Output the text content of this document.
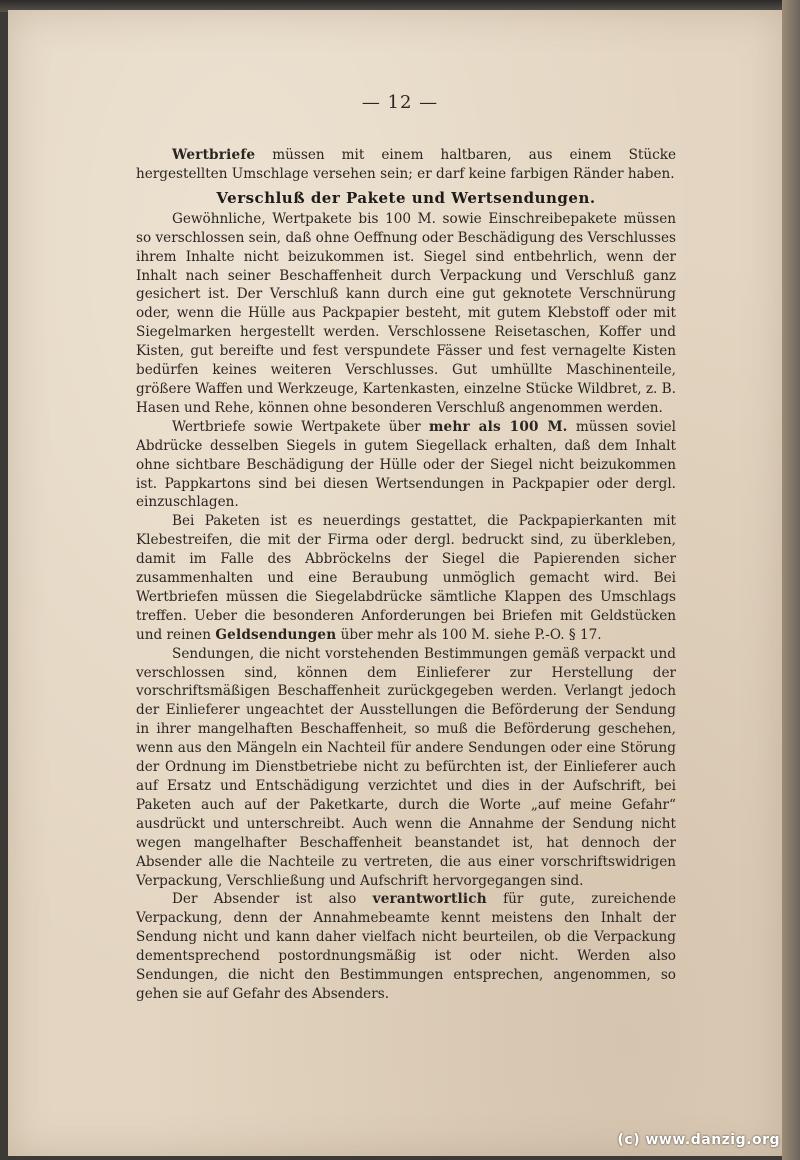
— 12 —

Wertbriefe müssen mit einem haltbaren, aus einem Stücke hergestellten Umschlage versehen sein; er darf keine farbigen Ränder haben.

Verschluß der Pakete und Wertsendungen.

Gewöhnliche, Wertpakete bis 100 M. sowie Einschreibepakete müssen so verschlossen sein, daß ohne Oeffnung oder Beschädigung des Verschlusses ihrem Inhalte nicht beizukommen ist. Siegel sind entbehrlich, wenn der Inhalt nach seiner Beschaffenheit durch Verpackung und Verschluß ganz gesichert ist. Der Verschluß kann durch eine gut geknotete Verschnürung oder, wenn die Hülle aus Packpapier besteht, mit gutem Klebstoff oder mit Siegelmarken hergestellt werden. Verschlossene Reisetaschen, Koffer und Kisten, gut bereifte und fest verspundete Fässer und fest vernagelte Kisten bedürfen keines weiteren Verschlusses. Gut umhüllte Maschinenteile, größere Waffen und Werkzeuge, Kartenkasten, einzelne Stücke Wildbret, z. B. Hasen und Rehe, können ohne besonderen Verschluß angenommen werden.

Wertbriefe sowie Wertpakete über mehr als 100 M. müssen soviel Abdrücke desselben Siegels in gutem Siegellack erhalten, daß dem Inhalt ohne sichtbare Beschädigung der Hülle oder der Siegel nicht beizukommen ist. Pappkartons sind bei diesen Wertsendungen in Packpapier oder dergl. einzuschlagen.

Bei Paketen ist es neuerdings gestattet, die Packpapierkanten mit Klebestreifen, die mit der Firma oder dergl. bedruckt sind, zu überkleben, damit im Falle des Abbröckelns der Siegel die Papierenden sicher zusammenhalten und eine Beraubung unmöglich gemacht wird. Bei Wertbriefen müssen die Siegelabdrücke sämtliche Klappen des Umschlags treffen. Ueber die besonderen Anforderungen bei Briefen mit Geldstücken und reinen Geldsendungen über mehr als 100 M. siehe P.-O. § 17.

Sendungen, die nicht vorstehenden Bestimmungen gemäß verpackt und verschlossen sind, können dem Einlieferer zur Herstellung der vorschriftsmäßigen Beschaffenheit zurückgegeben werden. Verlangt jedoch der Einlieferer ungeachtet der Ausstellungen die Beförderung der Sendung in ihrer mangelhaften Beschaffenheit, so muß die Beförderung geschehen, wenn aus den Mängeln ein Nachteil für andere Sendungen oder eine Störung der Ordnung im Dienstbetriebe nicht zu befürchten ist, der Einlieferer auch auf Ersatz und Entschädigung verzichtet und dies in der Aufschrift, bei Paketen auch auf der Paketkarte, durch die Worte „auf meine Gefahr“ ausdrückt und unterschreibt. Auch wenn die Annahme der Sendung nicht wegen mangelhafter Beschaffenheit beanstandet ist, hat dennoch der Absender alle die Nachteile zu vertreten, die aus einer vorschriftswidrigen Verpackung, Verschließung und Aufschrift hervorgegangen sind.

Der Absender ist also verantwortlich für gute, zureichende Verpackung, denn der Annahmebeamte kennt meistens den Inhalt der Sendung nicht und kann daher vielfach nicht beurteilen, ob die Verpackung dementsprechend postordnungsmäßig ist oder nicht. Werden also Sendungen, die nicht den Bestimmungen entsprechen, angenommen, so gehen sie auf Gefahr des Absenders.

(c) www.danzig.org
